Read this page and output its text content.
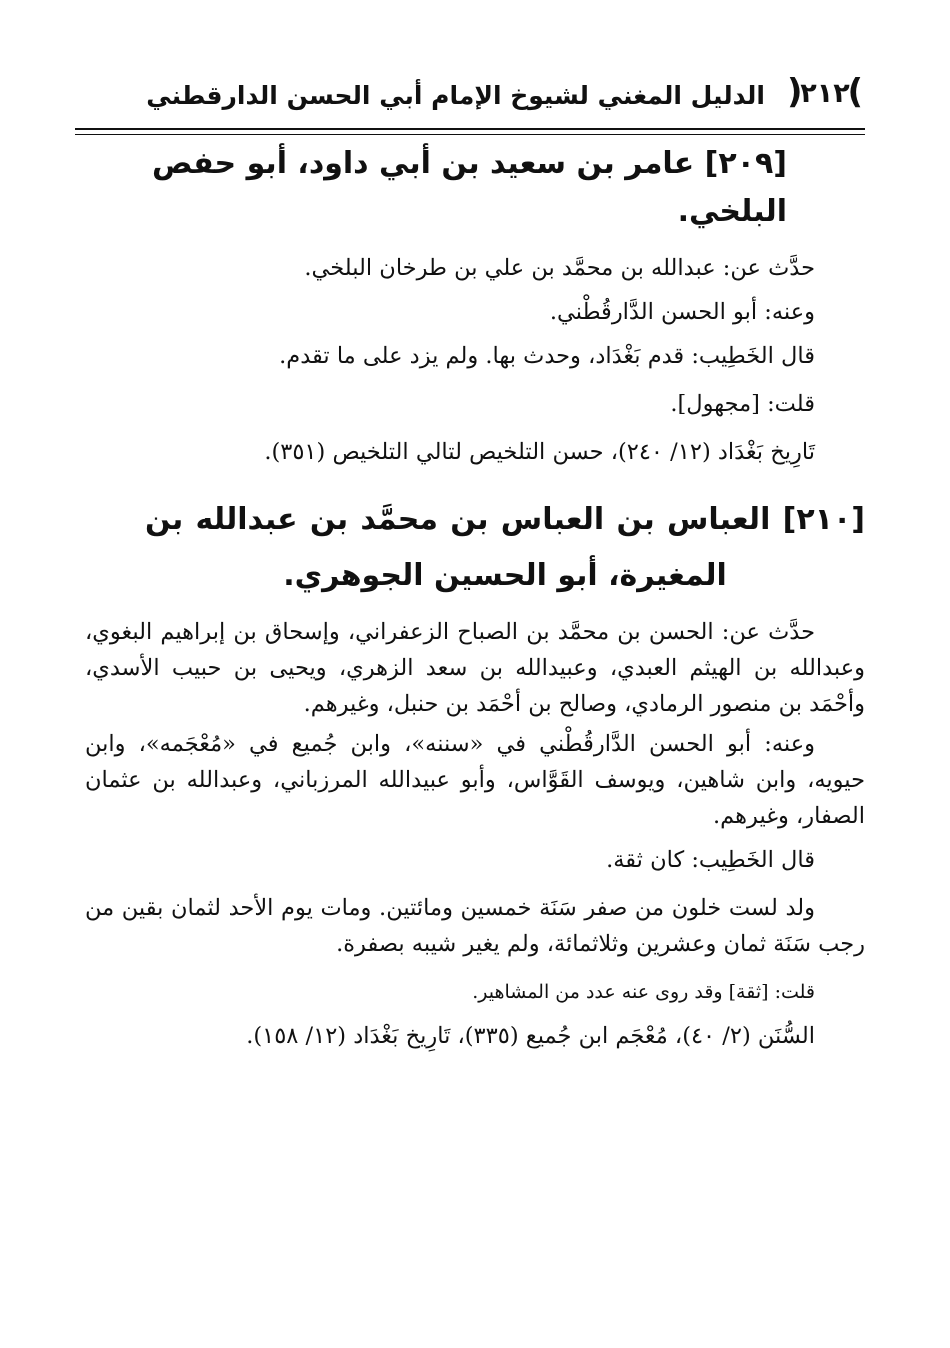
( ٢١٢ )
الدليل المغني لشيوخ الإمام أبي الحسن الدارقطني
[٢٠٩] عامر بن سعيد بن أبي داود، أبو حفص البلخي.

حدَّث عن: عبدالله بن محمَّد بن علي بن طرخان البلخي.

وعنه: أبو الحسن الدَّارقُطْني.

قال الخَطِيب: قدم بَغْدَاد، وحدث بها. ولم يزد على ما تقدم.

قلت: [مجهول].

تَارِيخ بَغْدَاد (١٢/ ٢٤٠)، حسن التلخيص لتالي التلخيص (٣٥١).

[٢١٠] العباس بن العباس بن محمَّد بن عبدالله بن المغيرة، أبو الحسين الجوهري.

حدَّث عن: الحسن بن محمَّد بن الصباح الزعفراني، وإسحاق بن إبراهيم البغوي، وعبدالله بن الهيثم العبدي، وعبيدالله بن سعد الزهري، ويحيى بن حبيب الأسدي، وأحْمَد بن منصور الرمادي، وصالح بن أحْمَد بن حنبل، وغيرهم.

وعنه: أبو الحسن الدَّارقُطْني في «سننه»، وابن جُميع في «مُعْجَمه»، وابن حيويه، وابن شاهين، ويوسف القَوَّاس، وأبو عبيدالله المرزباني، وعبدالله بن عثمان الصفار، وغيرهم.

قال الخَطِيب: كان ثقة.

ولد لست خلون من صفر سَنَة خمسين ومائتين. ومات يوم الأحد لثمان بقين من رجب سَنَة ثمان وعشرين وثلاثمائة، ولم يغير شيبه بصفرة.

قلت: [ثقة] وقد روى عنه عدد من المشاهير.

السُّنَن (٢/ ٤٠)، مُعْجَم ابن جُميع (٣٣٥)، تَارِيخ بَغْدَاد (١٢/ ١٥٨).
